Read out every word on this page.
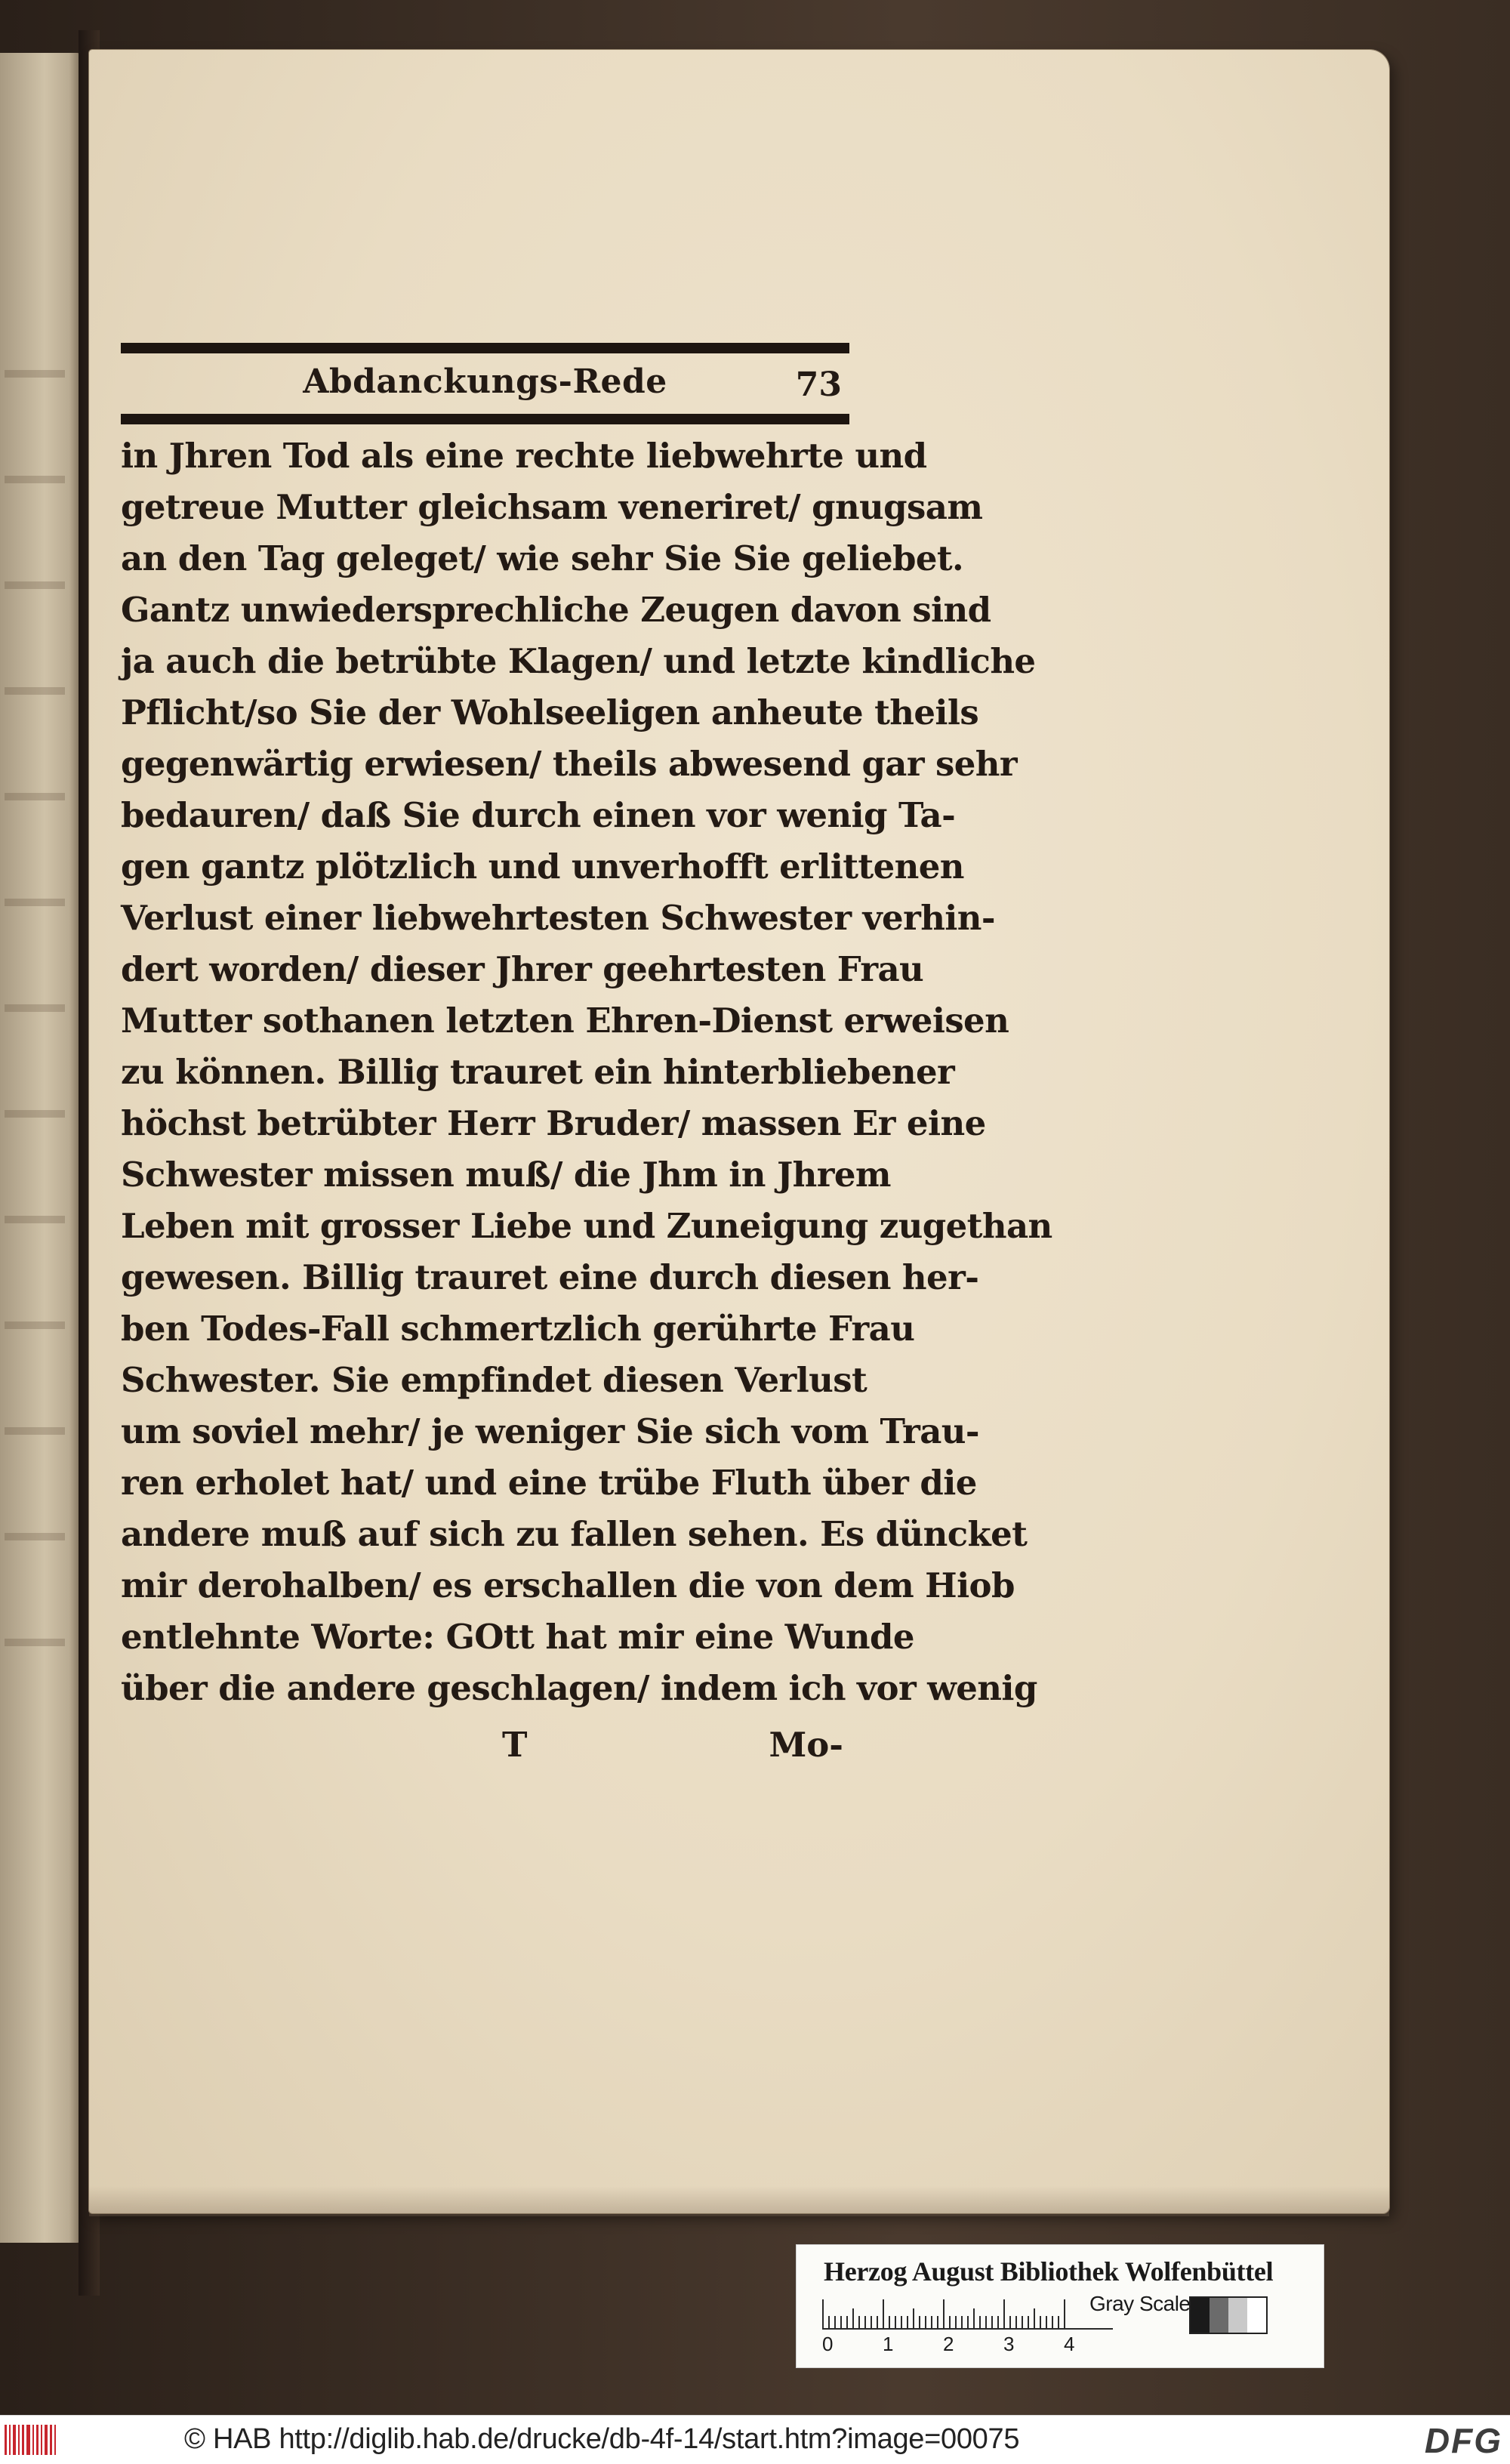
Abdanckungs-Rede	73
in Jhren Tod als eine rechte liebwehrte und
getreue Mutter gleichsam veneriret/ gnugsam
an den Tag geleget/ wie sehr Sie Sie geliebet.
Gantz unwiedersprechliche Zeugen davon sind
ja auch die betrübte Klagen/ und letzte kindliche
Pflicht/so Sie der Wohlseeligen anheute theils
gegenwärtig erwiesen/ theils abwesend gar sehr
bedauren/ daß Sie durch einen vor wenig Ta-
gen gantz plötzlich und unverhofft erlittenen
Verlust einer liebwehrtesten Schwester verhin-
dert worden/ dieser Jhrer geehrtesten Frau
Mutter sothanen letzten Ehren-Dienst erweisen
zu können. Billig trauret ein hinterbliebener
höchst betrübter Herr Bruder/ massen Er eine
Schwester missen muß/ die Jhm in Jhrem
Leben mit grosser Liebe und Zuneigung zugethan
gewesen. Billig trauret eine durch diesen her-
ben Todes-Fall schmertzlich gerührte Frau
Schwester. Sie empfindet diesen Verlust
um soviel mehr/ je weniger Sie sich vom Trau-
ren erholet hat/ und eine trübe Fluth über die
andere muß auf sich zu fallen sehen. Es düncket
mir derohalben/ es erschallen die von dem Hiob
entlehnte Worte: GOtt hat mir eine Wunde
über die andere geschlagen/ indem ich vor wenig
T	Mo-
Herzog August Bibliothek Wolfenbüttel
Gray Scale
0	1	2	3	4
© HAB http://diglib.hab.de/drucke/db-4f-14/start.htm?image=00075	DFG
